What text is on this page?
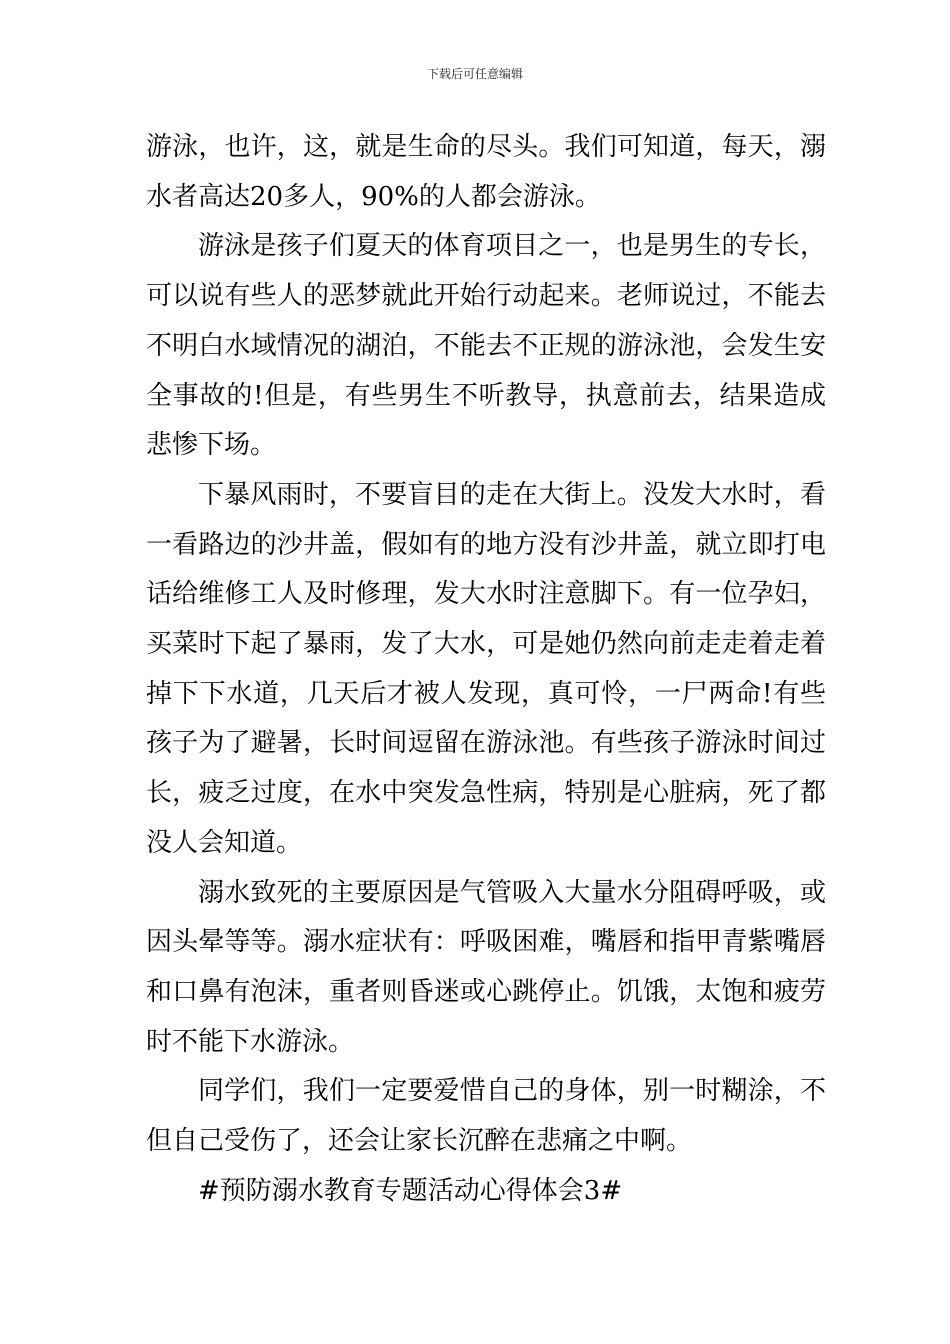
下载后可任意编辑

游泳，也许，这，就是生命的尽头。我们可知道，每天，溺水者高达20多人，90%的人都会游泳。

游泳是孩子们夏天的体育项目之一，也是男生的专长，可以说有些人的恶梦就此开始行动起来。老师说过，不能去不明白水域情况的湖泊，不能去不正规的游泳池，会发生安全事故的!但是，有些男生不听教导，执意前去，结果造成悲惨下场。

下暴风雨时，不要盲目的走在大街上。没发大水时，看一看路边的沙井盖，假如有的地方没有沙井盖，就立即打电话给维修工人及时修理，发大水时注意脚下。有一位孕妇，买菜时下起了暴雨，发了大水，可是她仍然向前走走着走着掉下下水道，几天后才被人发现，真可怜，一尸两命!有些孩子为了避暑，长时间逗留在游泳池。有些孩子游泳时间过长，疲乏过度，在水中突发急性病，特别是心脏病，死了都没人会知道。

溺水致死的主要原因是气管吸入大量水分阻碍呼吸，或因头晕等等。溺水症状有：呼吸困难，嘴唇和指甲青紫嘴唇和口鼻有泡沫，重者则昏迷或心跳停止。饥饿，太饱和疲劳时不能下水游泳。

同学们，我们一定要爱惜自己的身体，别一时糊涂，不但自己受伤了，还会让家长沉醉在悲痛之中啊。

#预防溺水教育专题活动心得体会3#
